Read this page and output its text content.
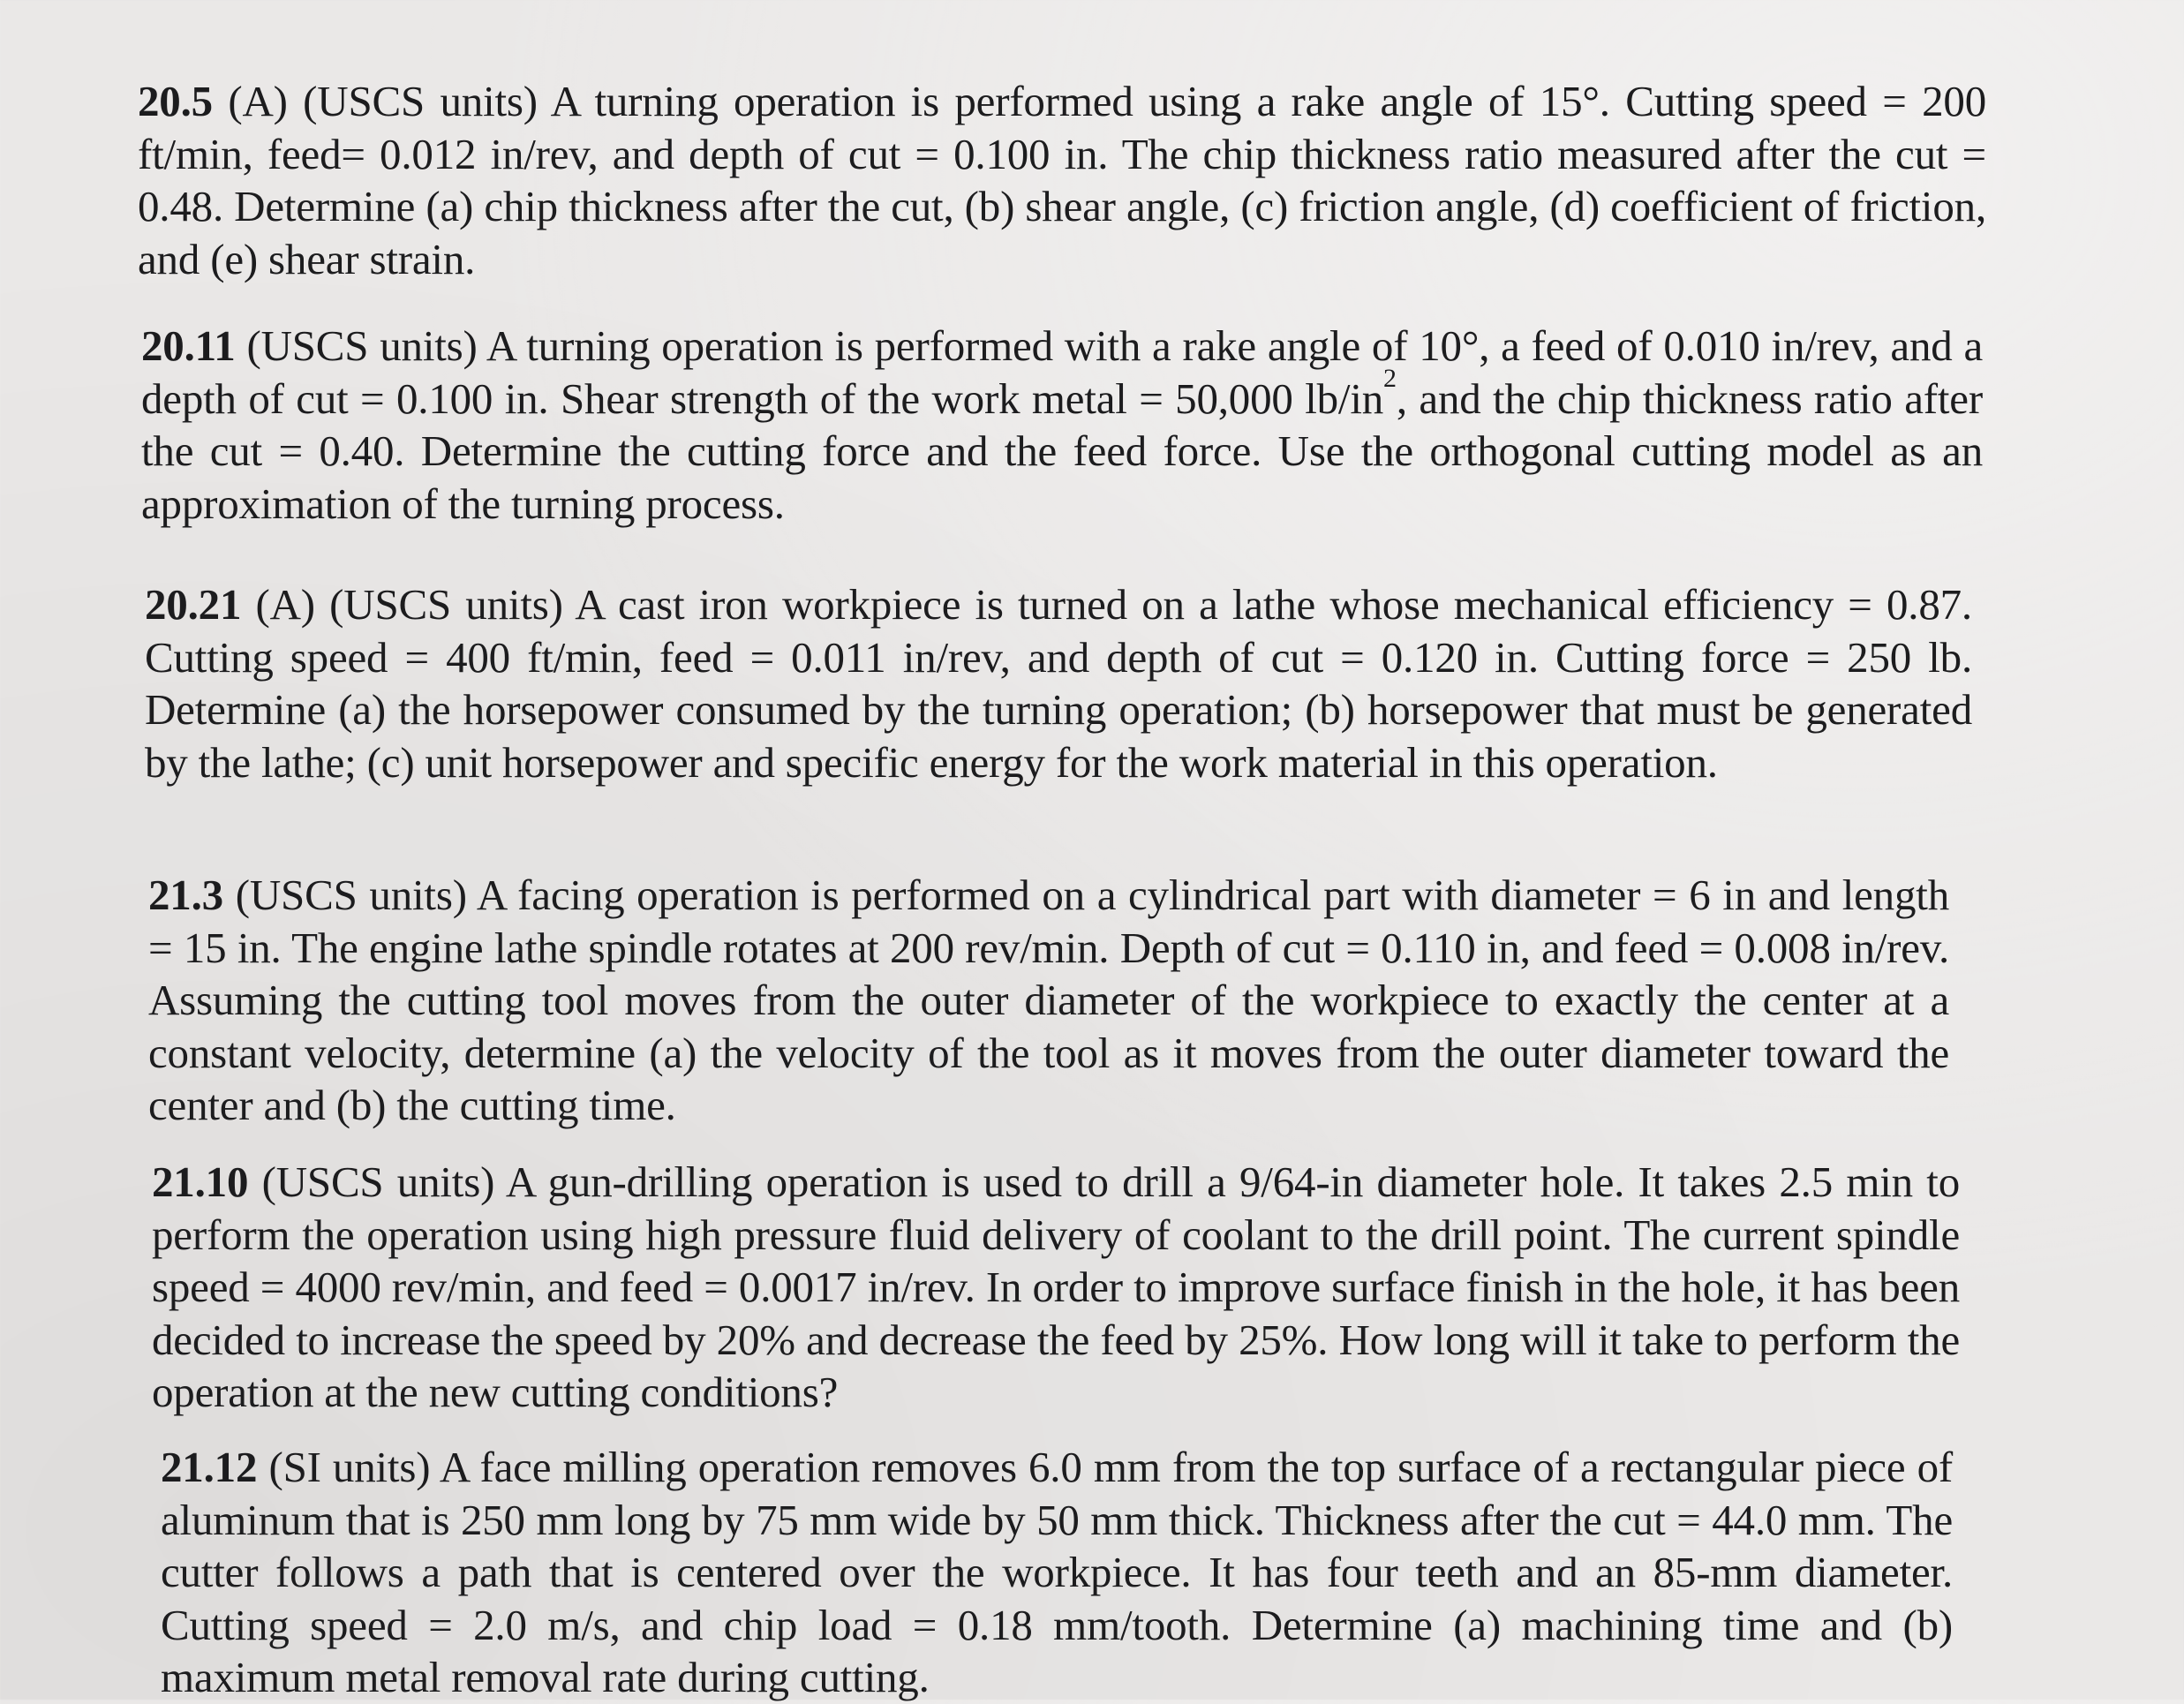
20.5 (A) (USCS units) A turning operation is performed using a rake angle of 15°. Cutting speed = 200 ft/min, feed= 0.012 in/rev, and depth of cut = 0.100 in. The chip thickness ratio measured after the cut = 0.48. Determine (a) chip thickness after the cut, (b) shear angle, (c) friction angle, (d) coefficient of friction, and (e) shear strain.

20.11 (USCS units) A turning operation is performed with a rake angle of 10°, a feed of 0.010 in/rev, and a depth of cut = 0.100 in. Shear strength of the work metal = 50,000 $lb/in^2$, and the chip thickness ratio after the cut = 0.40. Determine the cutting force and the feed force. Use the orthogonal cutting model as an approximation of the turning process.

20.21 (A) (USCS units) A cast iron workpiece is turned on a lathe whose mechanical efficiency = 0.87. Cutting speed = 400 ft/min, feed = 0.011 in/rev, and depth of cut = 0.120 in. Cutting force = 250 lb. Determine (a) the horsepower consumed by the turning operation; (b) horsepower that must be generated by the lathe; (c) unit horsepower and specific energy for the work material in this operation.

21.3 (USCS units) A facing operation is performed on a cylindrical part with diameter = 6 in and length = 15 in. The engine lathe spindle rotates at 200 rev/min. Depth of cut = 0.110 in, and feed = 0.008 in/rev. Assuming the cutting tool moves from the outer diameter of the workpiece to exactly the center at a constant velocity, determine (a) the velocity of the tool as it moves from the outer diameter toward the center and (b) the cutting time.

21.10 (USCS units) A gun-drilling operation is used to drill a 9/64-in diameter hole. It takes 2.5 min to perform the operation using high pressure fluid delivery of coolant to the drill point. The current spindle speed = 4000 rev/min, and feed = 0.0017 in/rev. In order to improve surface finish in the hole, it has been decided to increase the speed by 20% and decrease the feed by 25%. How long will it take to perform the operation at the new cutting conditions?

21.12 (SI units) A face milling operation removes 6.0 mm from the top surface of a rectangular piece of aluminum that is 250 mm long by 75 mm wide by 50 mm thick. Thickness after the cut = 44.0 mm. The cutter follows a path that is centered over the workpiece. It has four teeth and an 85-mm diameter. Cutting speed = 2.0 m/s, and chip load = 0.18 mm/tooth. Determine (a) machining time and (b) maximum metal removal rate during cutting.
